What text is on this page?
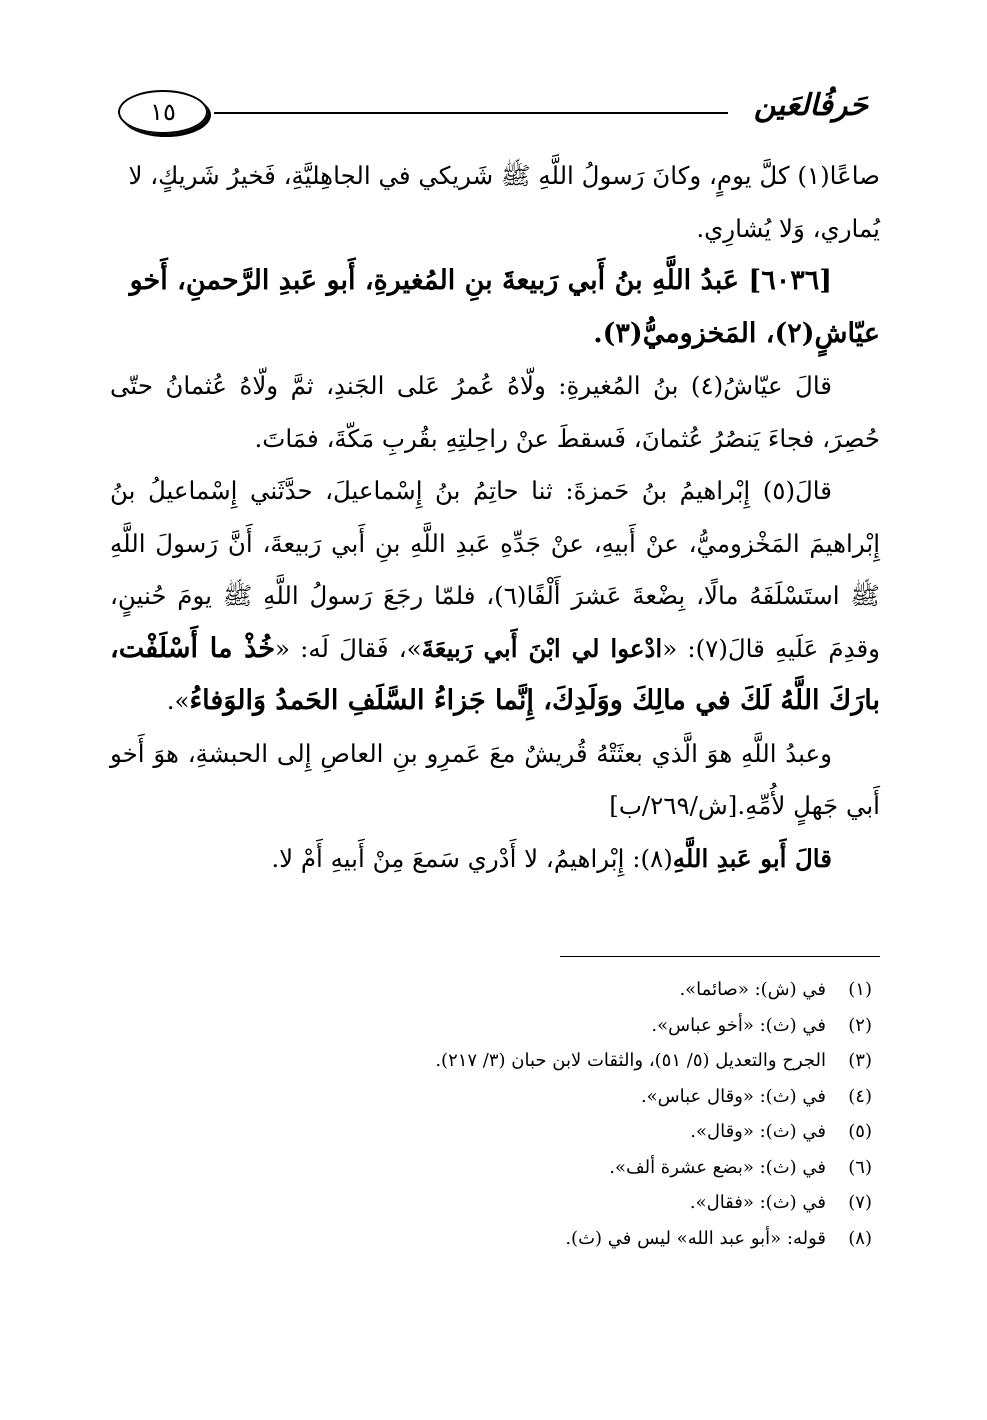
١٥	حَرفُالعَين

صاعًا(١) كلَّ يومٍ، وكانَ رَسولُ اللَّهِ ﷺ شَريكي في الجاهِليَّةِ، فَخيرُ شَريكٍ، لا
يُماري، وَلا يُشارِي.

[٦٠٣٦] عَبدُ اللَّهِ بنُ أَبي رَبيعةَ بنِ المُغيرةِ، أَبو عَبدِ الرَّحمنِ، أَخو
عيّاشٍ(٢)، المَخزوميُّ(٣).

قالَ عيّاشُ(٤) بنُ المُغيرةِ: ولّاهُ عُمرُ عَلى الجَندِ، ثمَّ ولّاهُ عُثمانُ حتّى حُصِرَ، فجاءَ يَنصُرُ عُثمانَ، فَسقطَ عنْ راحِلتِهِ بقُربِ مَكّةَ، فمَاتَ.

قالَ(٥) إِبْراهيمُ بنُ حَمزةَ: ثنا حاتِمُ بنُ إِسْماعيلَ، حدَّثَني إِسْماعيلُ بنُ إِبْراهيمَ المَخْزوميُّ، عنْ أَبيهِ، عنْ جَدِّهِ عَبدِ اللَّهِ بنِ أَبي رَبيعةَ، أَنَّ رَسولَ اللَّهِ ﷺ استَسْلَفَهُ مالًا، بِضْعةَ عَشرَ أَلْفًا(٦)، فلمّا رجَعَ رَسولُ اللَّهِ ﷺ يومَ حُنينٍ، وقدِمَ عَلَيهِ قالَ(٧): «ادْعوا لي ابْنَ أَبي رَبيعَةَ»، فَقالَ لَه: «خُذْ ما أَسْلَفْت، بارَكَ اللَّهُ لَكَ في مالِكَ ووَلَدِكَ، إِنَّما جَزاءُ السَّلَفِ الحَمدُ وَالوَفاءُ».

وعبدُ اللَّهِ هوَ الَّذي بعثَتْهُ قُريشٌ معَ عَمرِو بنِ العاصِ إِلى الحبشةِ، هوَ أَخو أَبي جَهلٍ لأُمِّهِ.[ش/٢٦٩/ب]

قالَ أَبو عَبدِ اللَّهِ(٨): إِبْراهيمُ، لا أَدْري سَمعَ مِنْ أَبيهِ أَمْ لا.

(١)
في (ش): «صائما».
(٢)
في (ث): «أخو عباس».
(٣)
الجرح والتعديل (٥/ ٥١)، والثقات لابن حبان (٣/ ٢١٧).
(٤)
في (ث): «وقال عباس».
(٥)
في (ث): «وقال».
(٦)
في (ث): «بضع عشرة ألف».
(٧)
في (ث): «فقال».
(٨)
قوله: «أبو عبد الله» ليس في (ث).
